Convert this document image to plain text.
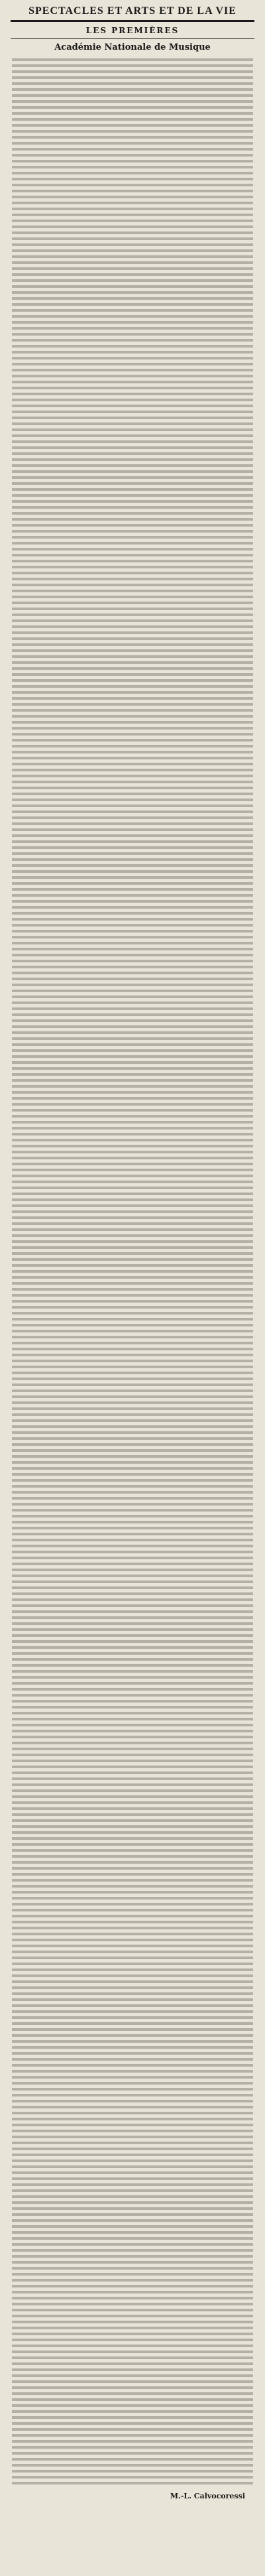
SPECTACLES ET ARTS ET DE LA VIE
LES PREMIÈRES
Académie Nationale de Musique
M.-L. Calvocoressi
